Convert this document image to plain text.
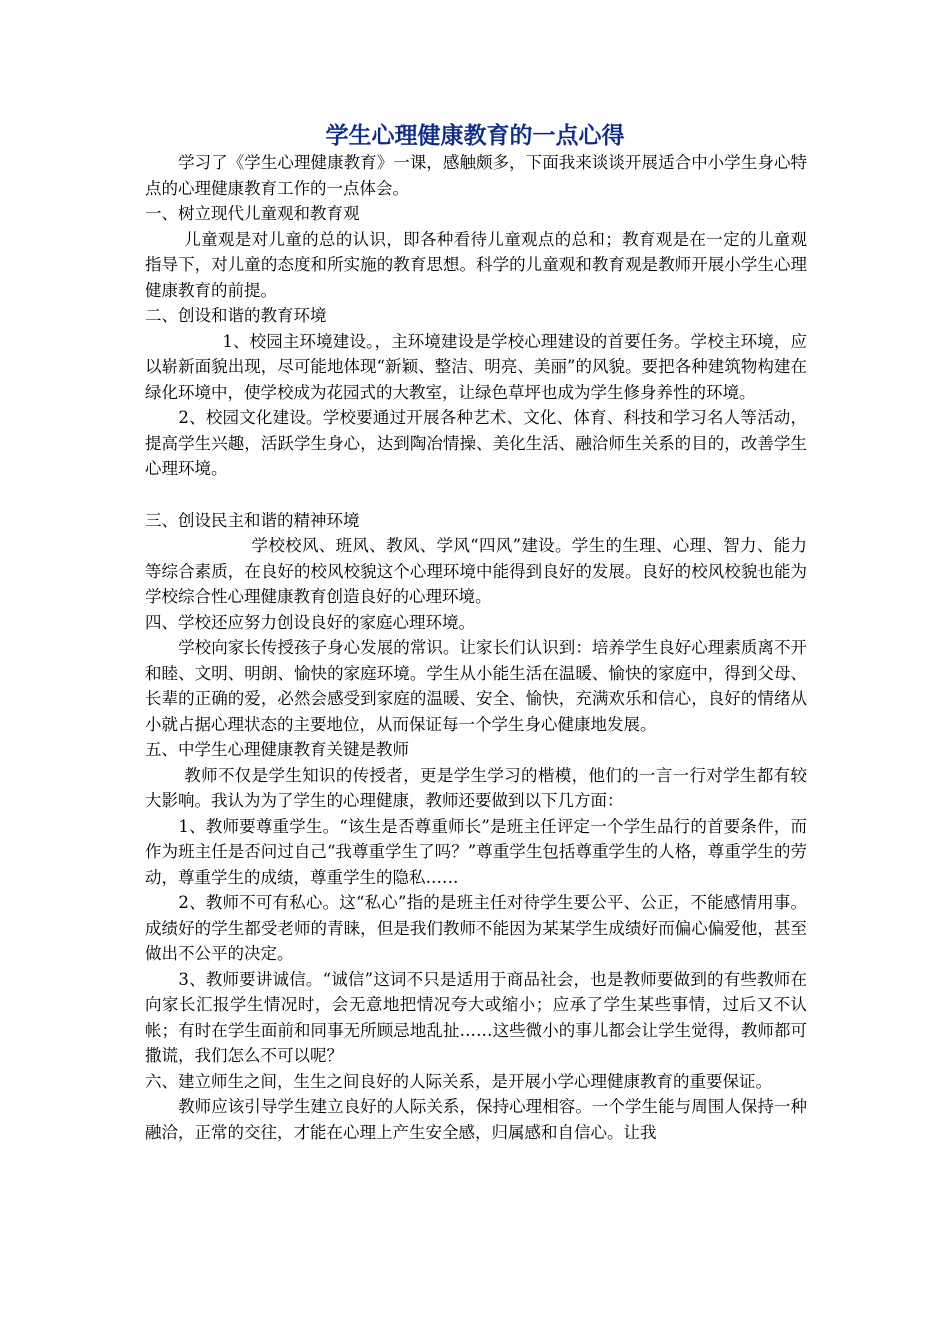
学生心理健康教育的一点心得

　　学习了《学生心理健康教育》一课，感触颇多，下面我来谈谈开展适合中小学生身心特点的心理健康教育工作的一点体会。

一、树立现代儿童观和教育观

　　 儿童观是对儿童的总的认识，即各种看待儿童观点的总和；教育观是在一定的儿童观指导下，对儿童的态度和所实施的教育思想。科学的儿童观和教育观是教师开展小学生心理健康教育的前提。

二、创设和谐的教育环境

　　　　  1、校园主环境建设。，主环境建设是学校心理建设的首要任务。学校主环境，应以崭新面貌出现，尽可能地体现“新颖、整洁、明亮、美丽”的风貌。要把各种建筑物构建在绿化环境中，使学校成为花园式的大教室，让绿色草坪也成为学生修身养性的环境。

　　2、校园文化建设。学校要通过开展各种艺术、文化、体育、科技和学习名人等活动，提高学生兴趣，活跃学生身心，达到陶冶情操、美化生活、融洽师生关系的目的，改善学生心理环境。

三、创设民主和谐的精神环境

　　　　　　 学校校风、班风、教风、学风“四风”建设。学生的生理、心理、智力、能力等综合素质，在良好的校风校貌这个心理环境中能得到良好的发展。良好的校风校貌也能为学校综合性心理健康教育创造良好的心理环境。

四、学校还应努力创设良好的家庭心理环境。

　　学校向家长传授孩子身心发展的常识。让家长们认识到：培养学生良好心理素质离不开和睦、文明、明朗、愉快的家庭环境。学生从小能生活在温暖、愉快的家庭中，得到父母、长辈的正确的爱，必然会感受到家庭的温暖、安全、愉快，充满欢乐和信心，良好的情绪从小就占据心理状态的主要地位，从而保证每一个学生身心健康地发展。

五、中学生心理健康教育关键是教师

　　 教师不仅是学生知识的传授者，更是学生学习的楷模，他们的一言一行对学生都有较大影响。我认为为了学生的心理健康，教师还要做到以下几方面：

　　1、教师要尊重学生。“该生是否尊重师长”是班主任评定一个学生品行的首要条件，而作为班主任是否问过自己“我尊重学生了吗？”尊重学生包括尊重学生的人格，尊重学生的劳动，尊重学生的成绩，尊重学生的隐私……

　　2、教师不可有私心。这“私心”指的是班主任对待学生要公平、公正，不能感情用事。成绩好的学生都受老师的青睐，但是我们教师不能因为某某学生成绩好而偏心偏爱他，甚至做出不公平的决定。

　　3、教师要讲诚信。“诚信”这词不只是适用于商品社会，也是教师要做到的有些教师在向家长汇报学生情况时，会无意地把情况夸大或缩小；应承了学生某些事情，过后又不认帐；有时在学生面前和同事无所顾忌地乱扯……这些微小的事儿都会让学生觉得，教师都可撒谎，我们怎么不可以呢？

六、建立师生之间，生生之间良好的人际关系，是开展小学心理健康教育的重要保证。

　　教师应该引导学生建立良好的人际关系，保持心理相容。一个学生能与周围人保持一种融洽，正常的交往，才能在心理上产生安全感，归属感和自信心。让我
